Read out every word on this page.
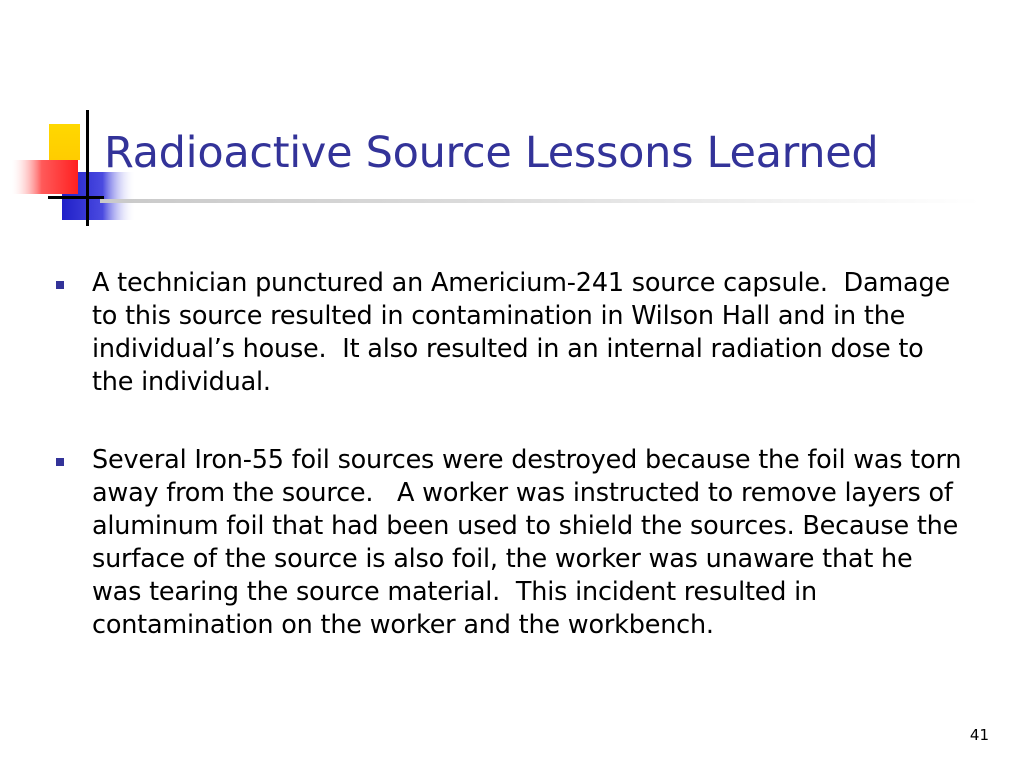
Radioactive Source Lessons Learned
A technician punctured an Americium-241 source capsule.  Damage to this source resulted in contamination in Wilson Hall and in the individual’s house.  It also resulted in an internal radiation dose to the individual.
Several Iron-55 foil sources were destroyed because the foil was torn away from the source.   A worker was instructed to remove layers of aluminum foil that had been used to shield the sources. Because the surface of the source is also foil, the worker was unaware that he was tearing the source material.  This incident resulted in contamination on the worker and the workbench.
41
